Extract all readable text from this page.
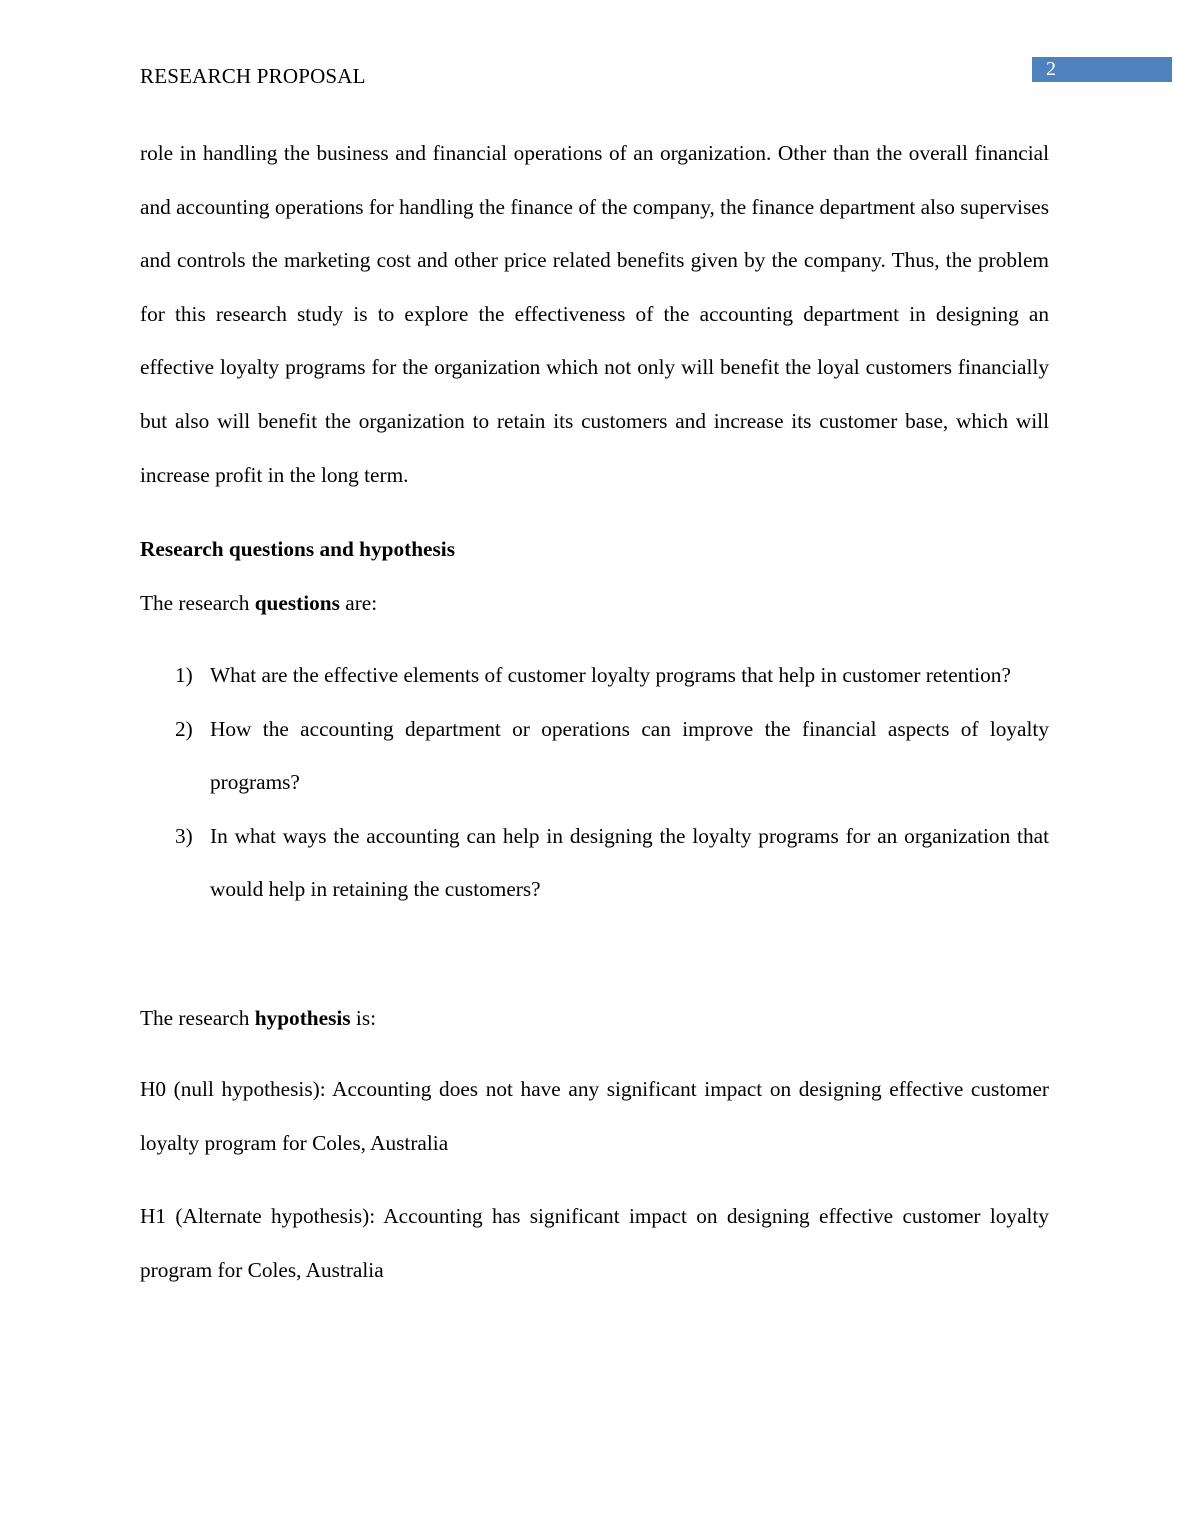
RESEARCH PROPOSAL	2

role in handling the business and financial operations of an organization. Other than the overall financial and accounting operations for handling the finance of the company, the finance department also supervises and controls the marketing cost and other price related benefits given by the company. Thus, the problem for this research study is to explore the effectiveness of the accounting department in designing an effective loyalty programs for the organization which not only will benefit the loyal customers financially but also will benefit the organization to retain its customers and increase its customer base, which will increase profit in the long term.

Research questions and hypothesis
The research questions are:
1) What are the effective elements of customer loyalty programs that help in customer retention?
2) How the accounting department or operations can improve the financial aspects of loyalty programs?
3) In what ways the accounting can help in designing the loyalty programs for an organization that would help in retaining the customers?
The research hypothesis is:

H0 (null hypothesis): Accounting does not have any significant impact on designing effective customer loyalty program for Coles, Australia

H1 (Alternate hypothesis): Accounting has significant impact on designing effective customer loyalty program for Coles, Australia
